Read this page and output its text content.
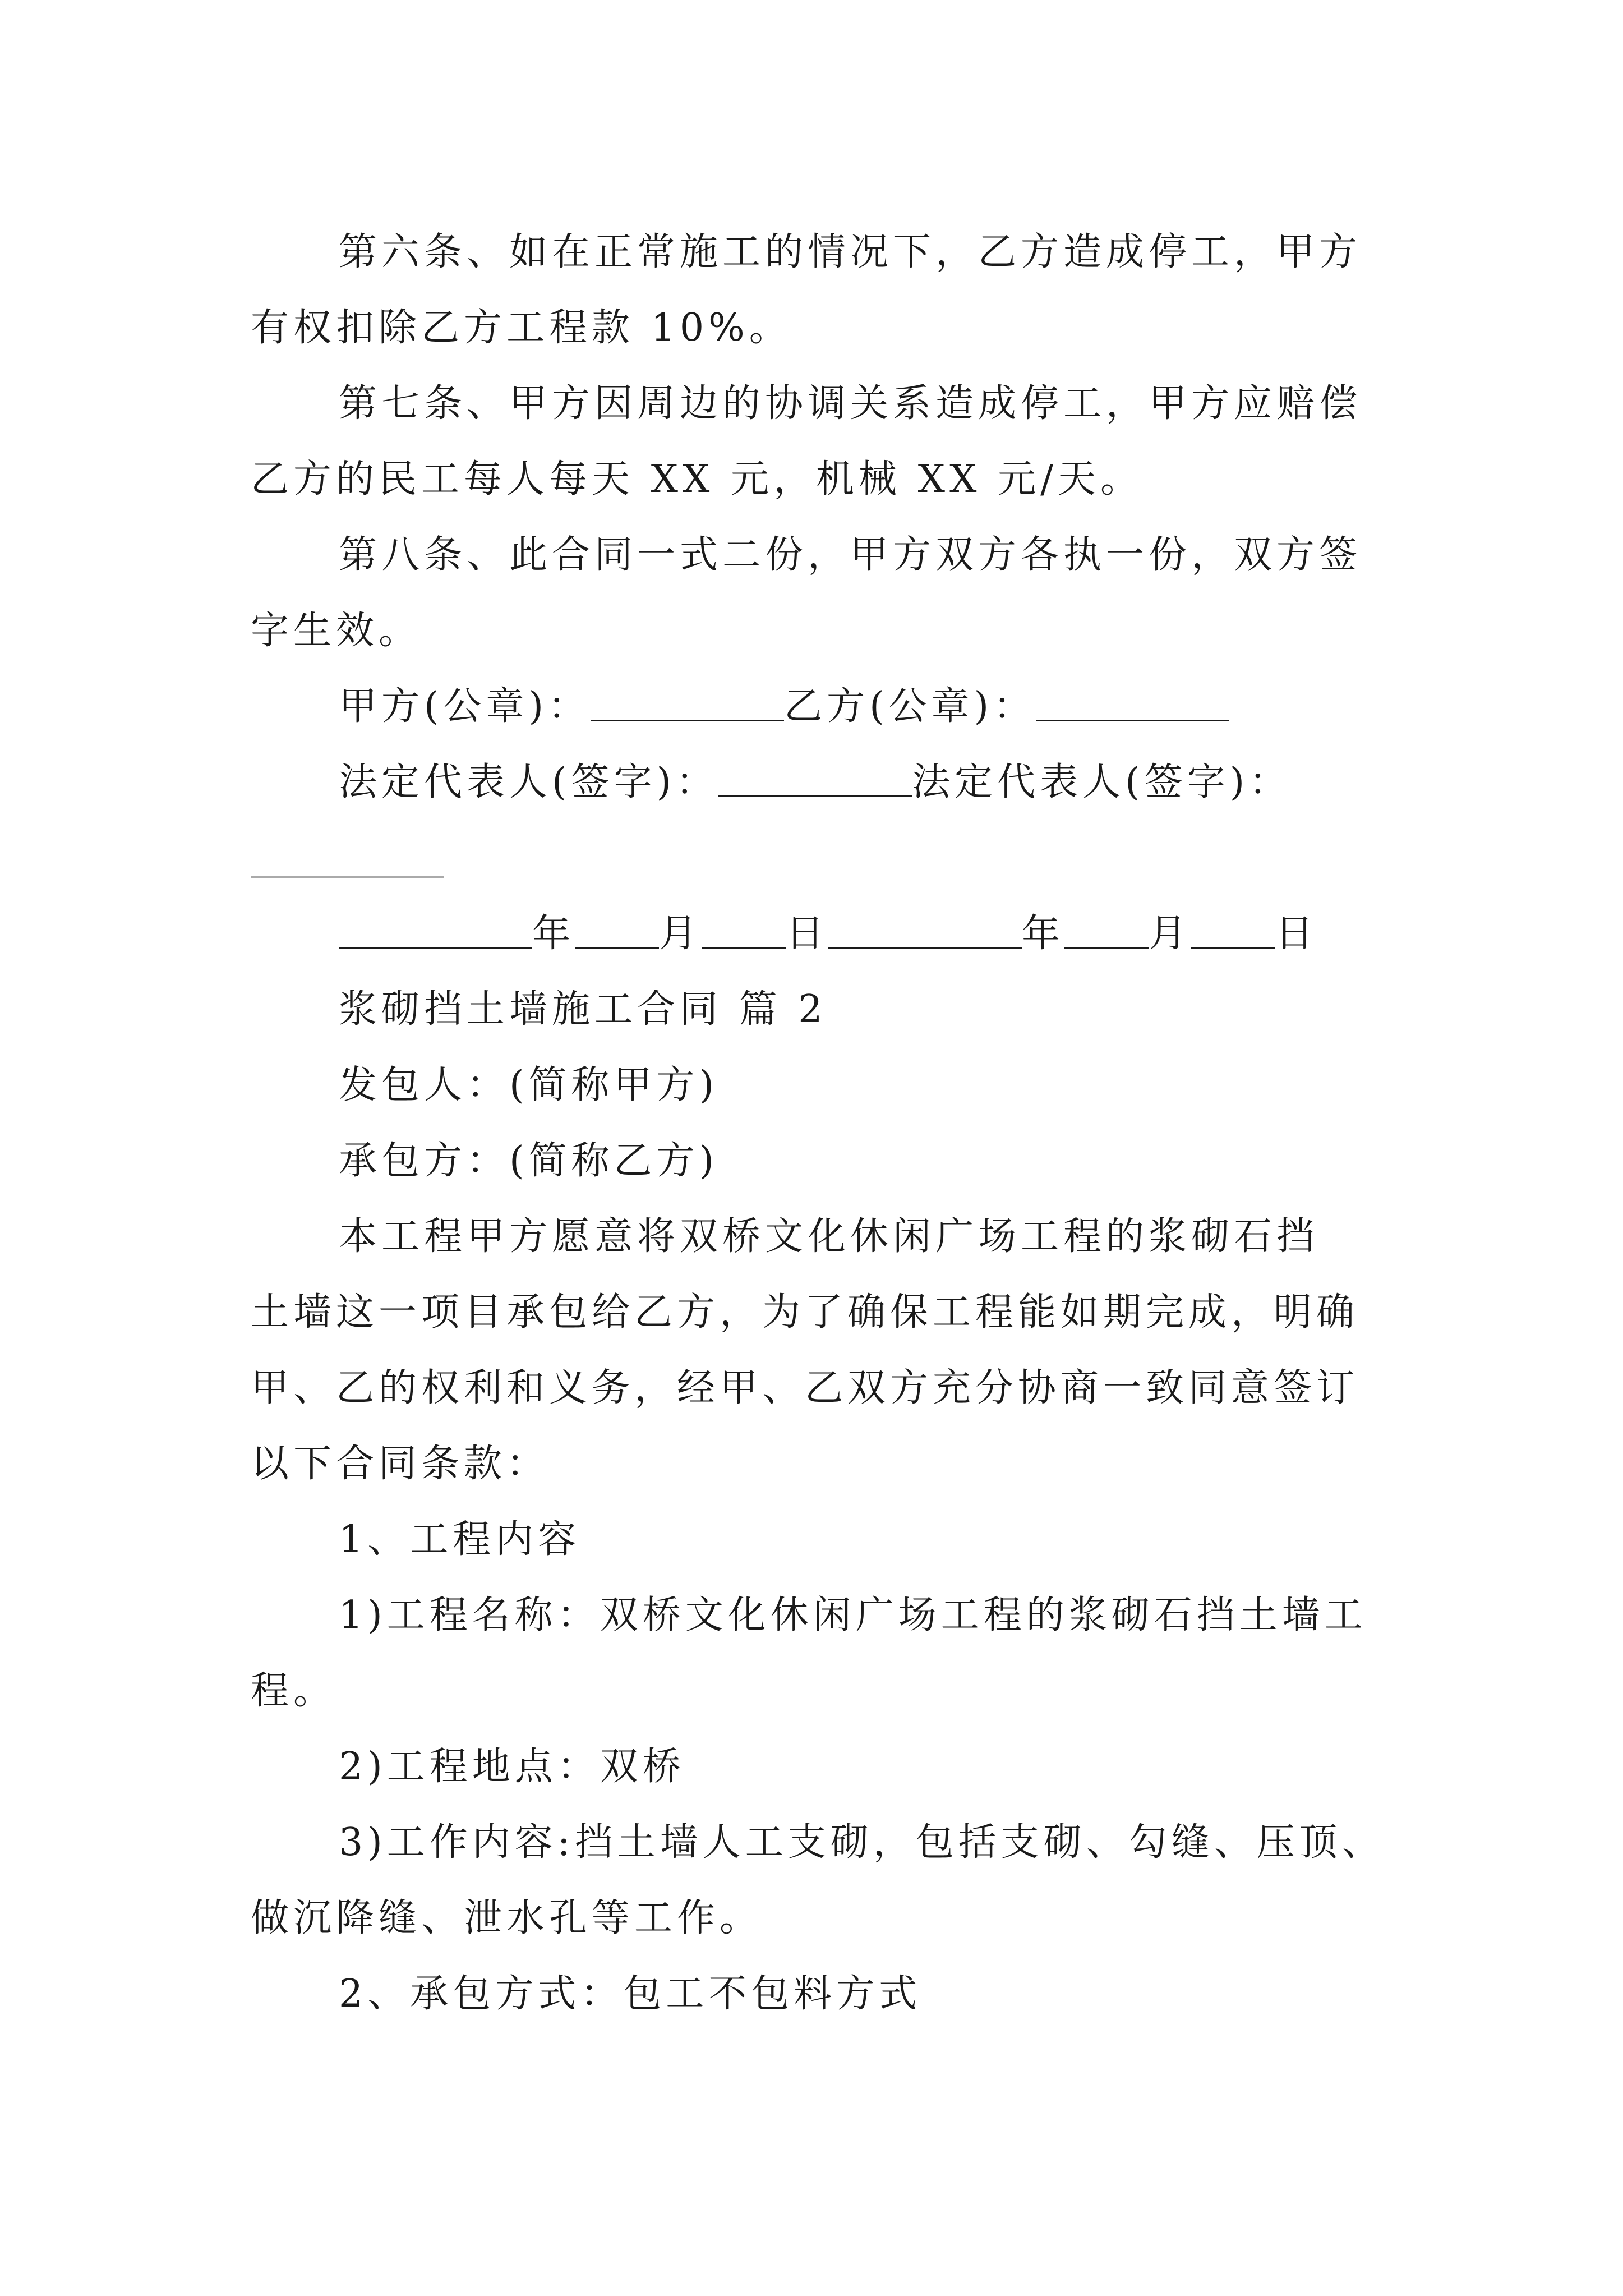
第六条、如在正常施工的情况下，乙方造成停工，甲方
有权扣除乙方工程款 10%。
第七条、甲方因周边的协调关系造成停工，甲方应赔偿
乙方的民工每人每天 XX 元，机械 XX 元/天。
第八条、此合同一式二份，甲方双方各执一份，双方签
字生效。
甲方(公章)：	乙方(公章)：
法定代表人(签字)：	法定代表人(签字)：
年 月 日	年 月 日
浆砌挡土墙施工合同 篇 2
发包人：(简称甲方)
承包方：(简称乙方)
本工程甲方愿意将双桥文化休闲广场工程的浆砌石挡
土墙这一项目承包给乙方，为了确保工程能如期完成，明确
甲、乙的权利和义务，经甲、乙双方充分协商一致同意签订
以下合同条款：
1、工程内容
1)工程名称：双桥文化休闲广场工程的浆砌石挡土墙工
程。
2)工程地点：双桥
3)工作内容:挡土墙人工支砌，包括支砌、勾缝、压顶、
做沉降缝、泄水孔等工作。
2、承包方式：包工不包料方式
